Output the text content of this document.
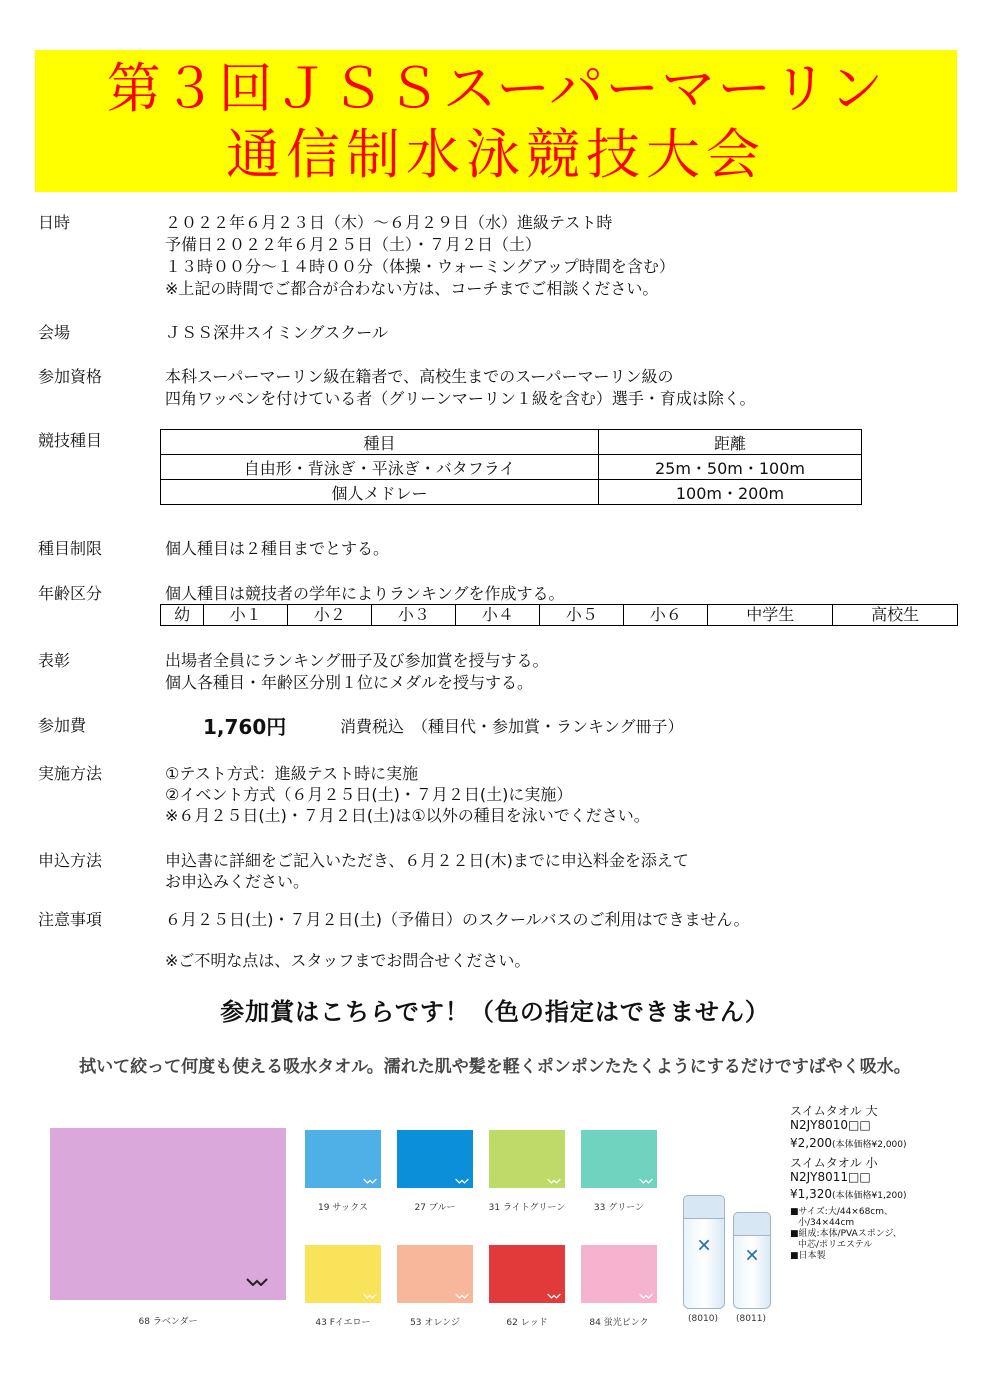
第３回ＪＳＳスーパーマーリン
通信制水泳競技大会
日時	２０２２年６月２３日（木）～６月２９日（水）進級テスト時
予備日２０２２年６月２５日（土）・７月２日（土）
１３時００分～１４時００分（体操・ウォーミングアップ時間を含む）
※上記の時間でご都合が合わない方は、コーチまでご相談ください。
会場	ＪＳＳ深井スイミングスクール
参加資格	本科スーパーマーリン級在籍者で、高校生までのスーパーマーリン級の
四角ワッペンを付けている者（グリーンマーリン１級を含む）選手・育成は除く。
競技種目	種目	距離
自由形・背泳ぎ・平泳ぎ・バタフライ	25m・50m・100m
個人メドレー	100m・200m
種目制限	個人種目は２種目までとする。
年齢区分	個人種目は競技者の学年によりランキングを作成する。
幼	小１	小２	小３	小４	小５	小６	中学生	高校生
表彰	出場者全員にランキング冊子及び参加賞を授与する。
個人各種目・年齢区分別１位にメダルを授与する。
参加費	1,760円	消費税込　（種目代・参加賞・ランキング冊子）
実施方法	①テスト方式：進級テスト時に実施
②イベント方式（６月２５日(土)・７月２日(土)に実施）
※６月２５日(土)・７月２日(土)は①以外の種目を泳いでください。
申込方法	申込書に詳細をご記入いただき、６月２２日(木)までに申込料金を添えて
お申込みください。
注意事項	６月２５日(土)・７月２日(土)（予備日）のスクールバスのご利用はできません。
※ご不明な点は、スタッフまでお問合せください。
参加賞はこちらです！（色の指定はできません）
拭いて絞って何度も使える吸水タオル。濡れた肌や髪を軽くポンポンたたくようにするだけですばやく吸水。
68 ラベンダー
19 サックス	27 ブルー	31 ライトグリーン	33 グリーン
43 Fイエロー	53 オレンジ	62 レッド	84 蛍光ピンク
✕
(8010)
✕
(8011)
スイムタオル 大
N2JY8010□□
¥2,200(本体価格¥2,000)
スイムタオル 小
N2JY8011□□
¥1,320(本体価格¥1,200)
■サイズ:大/44×68cm、
小/34×44cm
■組成:本体/PVAスポンジ、
中芯/ポリエステル
■日本製
